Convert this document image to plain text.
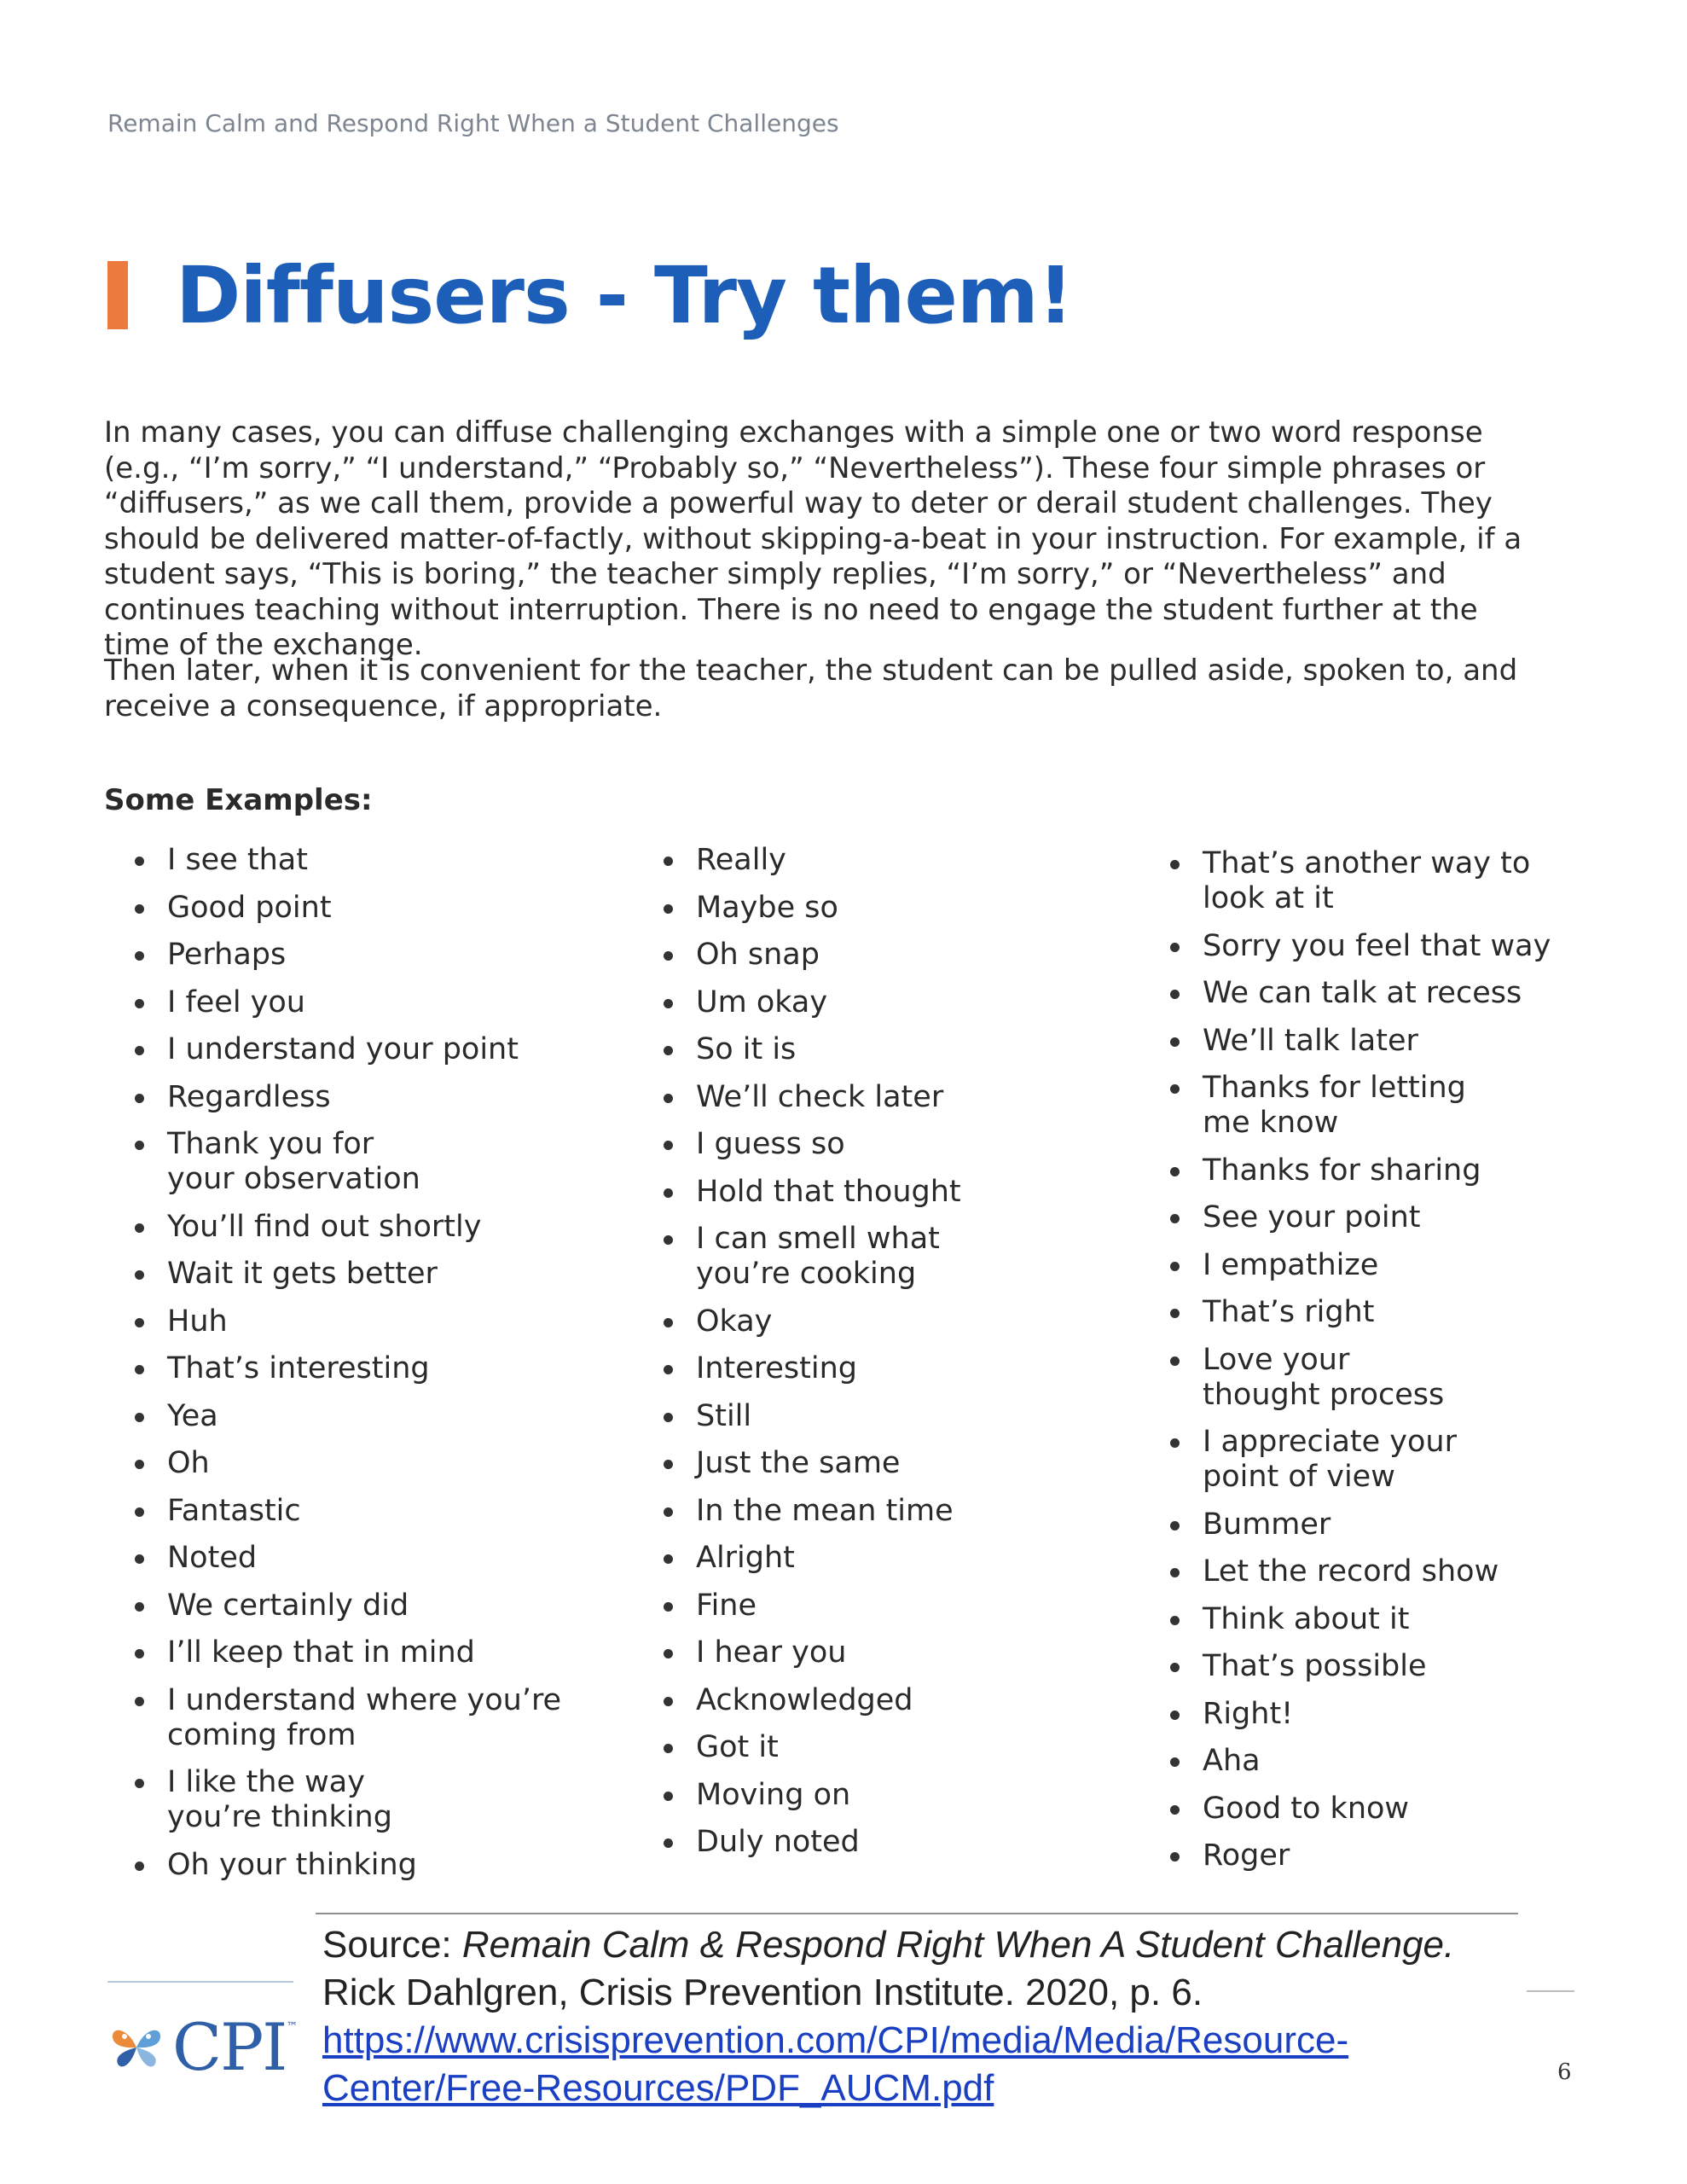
Remain Calm and Respond Right When a Student Challenges
Diffusers - Try them!

In many cases, you can diffuse challenging exchanges with a simple one or two word response (e.g., “I’m sorry,” “I understand,” “Probably so,” “Nevertheless”). These four simple phrases or “diffusers,” as we call them, provide a powerful way to deter or derail student challenges. They should be delivered matter-of-factly, without skipping-a-beat in your instruction. For example, if a student says, “This is boring,” the teacher simply replies, “I’m sorry,” or “Nevertheless” and continues teaching without interruption. There is no need to engage the student further at the time of the exchange.

Then later, when it is convenient for the teacher, the student can be pulled aside, spoken to, and receive a consequence, if appropriate.

Some Examples:
I see that
Good point
Perhaps
I feel you
I understand your point
Regardless
Thank you for
your observation
You’ll find out shortly
Wait it gets better
Huh
That’s interesting
Yea
Oh
Fantastic
Noted
We certainly did
I’ll keep that in mind
I understand where you’re
coming from
I like the way
you’re thinking
Oh your thinking
Really
Maybe so
Oh snap
Um okay
So it is
We’ll check later
I guess so
Hold that thought
I can smell what
you’re cooking
Okay
Interesting
Still
Just the same
In the mean time
Alright
Fine
I hear you
Acknowledged
Got it
Moving on
Duly noted
That’s another way to
look at it
Sorry you feel that way
We can talk at recess
We’ll talk later
Thanks for letting
me know
Thanks for sharing
See your point
I empathize
That’s right
Love your
thought process
I appreciate your
point of view
Bummer
Let the record show
Think about it
That’s possible
Right!
Aha
Good to know
Roger
CPI ™
Source: Remain Calm & Respond Right When A Student Challenge.
Rick Dahlgren, Crisis Prevention Institute. 2020, p. 6.
https://www.crisisprevention.com/CPI/media/Media/Resource-
Center/Free-Resources/PDF_AUCM.pdf	6
